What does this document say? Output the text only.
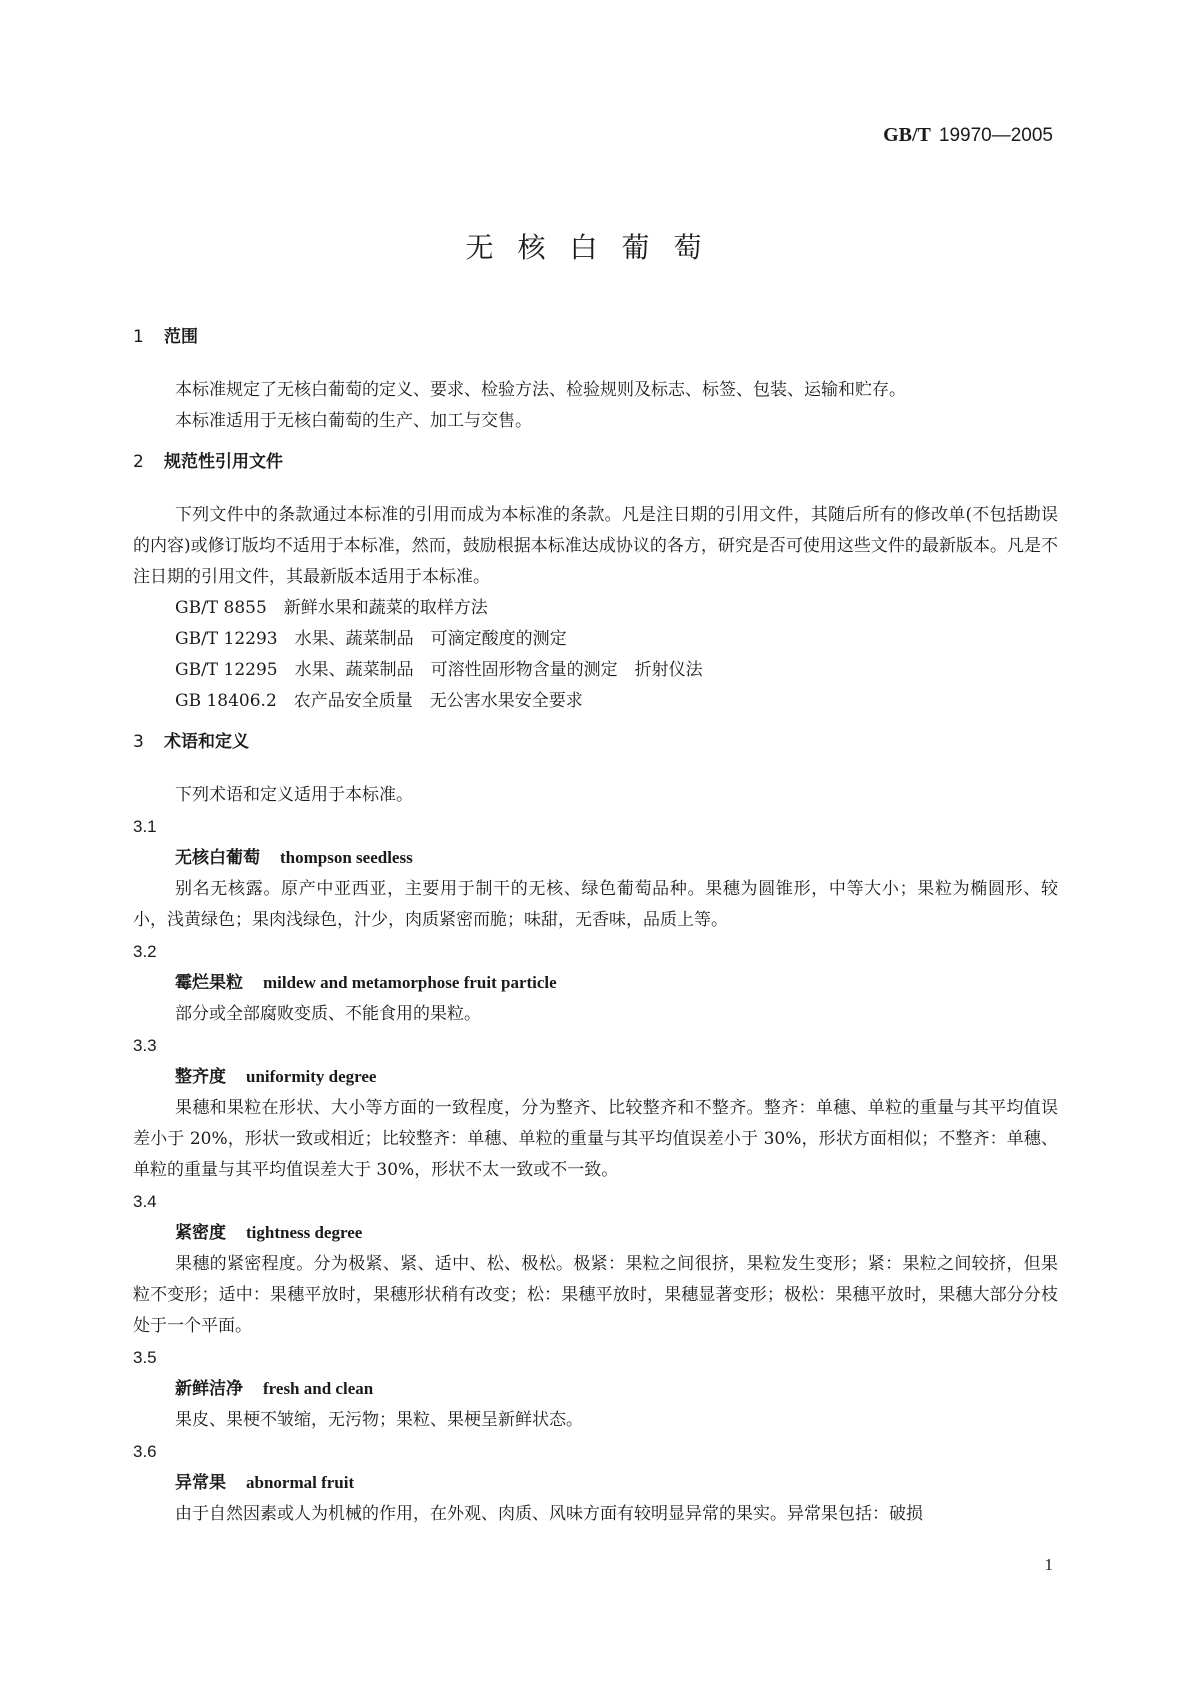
GB/T 19970—2005
无核白葡萄
1 范围

本标准规定了无核白葡萄的定义、要求、检验方法、检验规则及标志、标签、包装、运输和贮存。

本标准适用于无核白葡萄的生产、加工与交售。

2 规范性引用文件

下列文件中的条款通过本标准的引用而成为本标准的条款。凡是注日期的引用文件，其随后所有的修改单(不包括勘误的内容)或修订版均不适用于本标准，然而，鼓励根据本标准达成协议的各方，研究是否可使用这些文件的最新版本。凡是不注日期的引用文件，其最新版本适用于本标准。

GB/T 8855　新鲜水果和蔬菜的取样方法

GB/T 12293　水果、蔬菜制品　可滴定酸度的测定

GB/T 12295　水果、蔬菜制品　可溶性固形物含量的测定　折射仪法

GB 18406.2　农产品安全质量　无公害水果安全要求

3 术语和定义

下列术语和定义适用于本标准。

3.1
无核白葡萄 thompson seedless

别名无核露。原产中亚西亚，主要用于制干的无核、绿色葡萄品种。果穗为圆锥形，中等大小；果粒为椭圆形、较小，浅黄绿色；果肉浅绿色，汁少，肉质紧密而脆；味甜，无香味，品质上等。

3.2
霉烂果粒 mildew and metamorphose fruit particle

部分或全部腐败变质、不能食用的果粒。

3.3
整齐度 uniformity degree

果穗和果粒在形状、大小等方面的一致程度，分为整齐、比较整齐和不整齐。整齐：单穗、单粒的重量与其平均值误差小于 20%，形状一致或相近；比较整齐：单穗、单粒的重量与其平均值误差小于 30%，形状方面相似；不整齐：单穗、单粒的重量与其平均值误差大于 30%，形状不太一致或不一致。

3.4
紧密度 tightness degree

果穗的紧密程度。分为极紧、紧、适中、松、极松。极紧：果粒之间很挤，果粒发生变形；紧：果粒之间较挤，但果粒不变形；适中：果穗平放时，果穗形状稍有改变；松：果穗平放时，果穗显著变形；极松：果穗平放时，果穗大部分分枝处于一个平面。

3.5
新鲜洁净 fresh and clean

果皮、果梗不皱缩，无污物；果粒、果梗呈新鲜状态。

3.6
异常果 abnormal fruit

由于自然因素或人为机械的作用，在外观、肉质、风味方面有较明显异常的果实。异常果包括：破损

1
